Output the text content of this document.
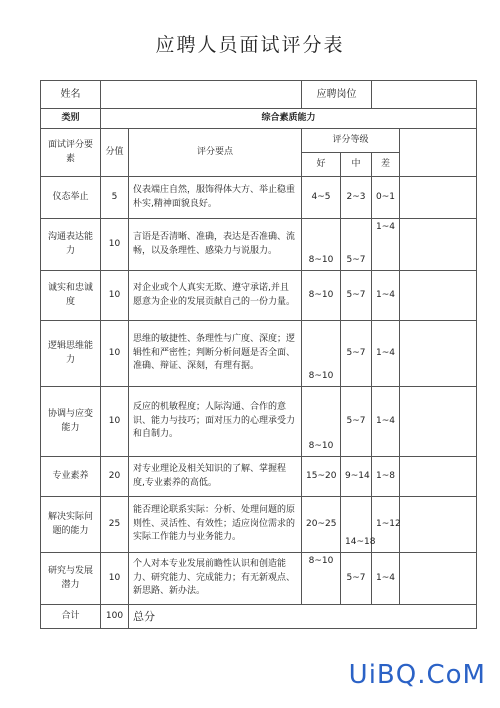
应聘人员面试评分表
姓名			应聘岗位			
类别	综合素质能力					
面试评分要素	分值	评分要点	评分等级			
			好	中	差	
仪态举止	5	仪表端庄自然，服饰得体大方、举止稳重朴实,精神面貌良好。	4~5	2~3	0~1	
沟通表达能力	10	言语是否清晰、准确，表达是否准确、流畅，以及条理性、感染力与说服力。	8~10	5~7	1~4	
诚实和忠诚度	10	对企业或个人真实无欺、遵守承诺,并且愿意为企业的发展贡献自己的一份力量。	8~10	5~7	1~4	
逻辑思维能力	10	思维的敏捷性、条理性与广度、深度；逻辑性和严密性；判断分析问题是否全面、准确、辩证、深刻，有理有据。	8~10	5~7	1~4	
协调与应变能力	10	反应的机敏程度；人际沟通、合作的意识、能力与技巧；面对压力的心理承受力和自制力。	8~10	5~7	1~4	
专业素养	20	对专业理论及相关知识的了解、掌握程度,专业素养的高低。	15~20	9~14	1~8	
解决实际问题的能力	25	能否理论联系实际：分析、处理问题的原则性、灵活性、有效性；适应岗位需求的实际工作能力与业务能力。	20~25	14~18	1~12	
研究与发展潜力	10	个人对本专业发展前瞻性认识和创造能力、研究能力、完成能力；有无新观点、新思路、新办法。	8~10	5~7	1~4	
合计	100	总分				
UiBQ.CoM
